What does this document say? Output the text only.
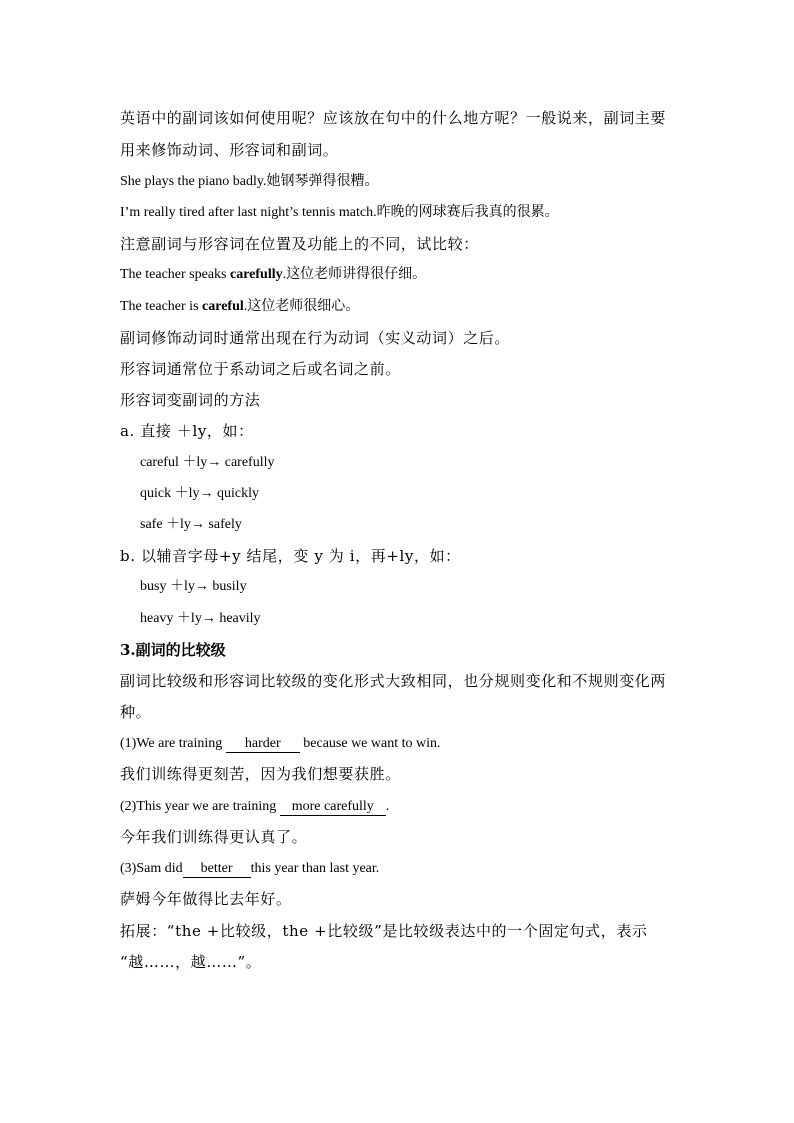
英语中的副词该如何使用呢？应该放在句中的什么地方呢？一般说来，副词主要
用来修饰动词、形容词和副词。
She plays the piano badly.她钢琴弹得很糟。
I’m really tired after last night’s tennis match.昨晚的网球赛后我真的很累。
注意副词与形容词在位置及功能上的不同，试比较：
The teacher speaks carefully.这位老师讲得很仔细。
The teacher is careful.这位老师很细心。
副词修饰动词时通常出现在行为动词（实义动词）之后。
形容词通常位于系动词之后或名词之前。
形容词变副词的方法
a. 直接 ＋ly，如：
careful ＋ly→ carefully
quick ＋ly→ quickly
safe ＋ly→ safely
b. 以辅音字母+y 结尾，变 y 为 i，再+ly，如：
busy ＋ly→ busily
heavy ＋ly→ heavily
3.副词的比较级
副词比较级和形容词比较级的变化形式大致相同，也分规则变化和不规则变化两
种。
(1)We are training harder because we want to win.
我们训练得更刻苦，因为我们想要获胜。
(2)This year we are training more carefully .
今年我们训练得更认真了。
(3)Sam did better this year than last year.
萨姆今年做得比去年好。
拓展：“the +比较级，the +比较级”是比较级表达中的一个固定句式，表示
“越……，越……”。
